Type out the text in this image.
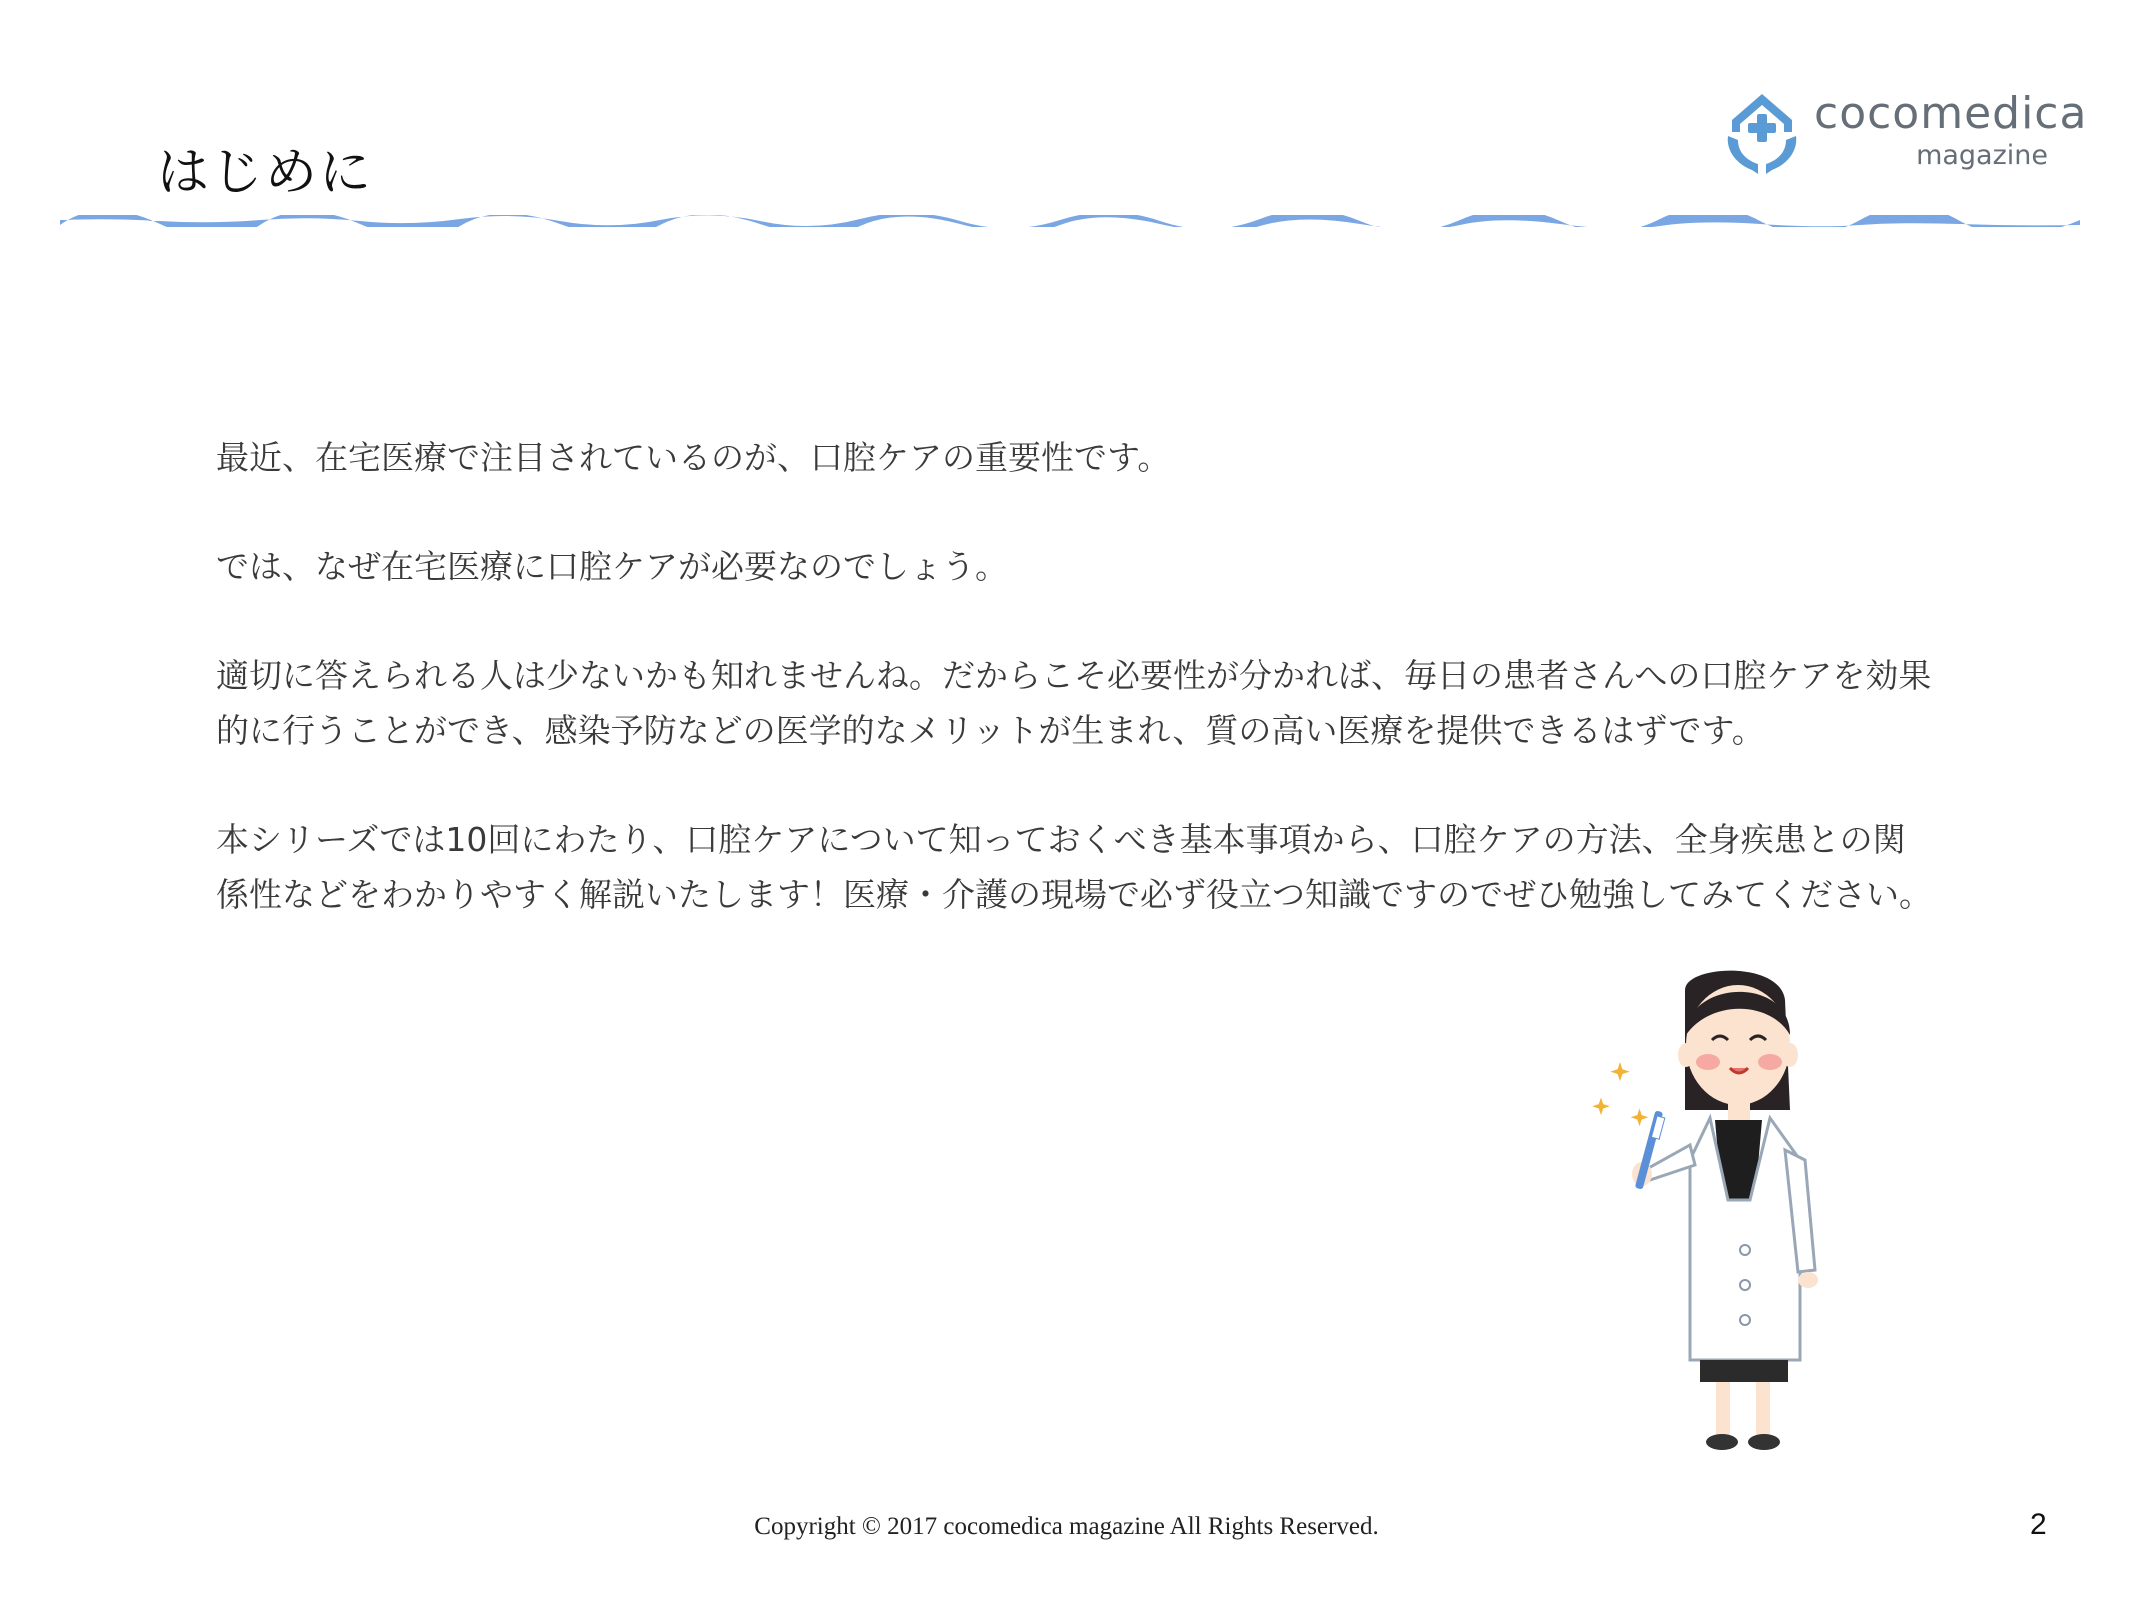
はじめに
cocomedica
magazine

最近、在宅医療で注目されているのが、口腔ケアの重要性です。

では、なぜ在宅医療に口腔ケアが必要なのでしょう。

適切に答えられる人は少ないかも知れませんね。だからこそ必要性が分かれば、毎日の患者さんへの口腔ケアを効果的に行うことができ、感染予防などの医学的なメリットが生まれ、質の高い医療を提供できるはずです。

本シリーズでは10回にわたり、口腔ケアについて知っておくべき基本事項から、口腔ケアの方法、全身疾患との関係性などをわかりやすく解説いたします！医療・介護の現場で必ず役立つ知識ですのでぜひ勉強してみてください。

Copyright © 2017 cocomedica magazine All Rights Reserved.	2
